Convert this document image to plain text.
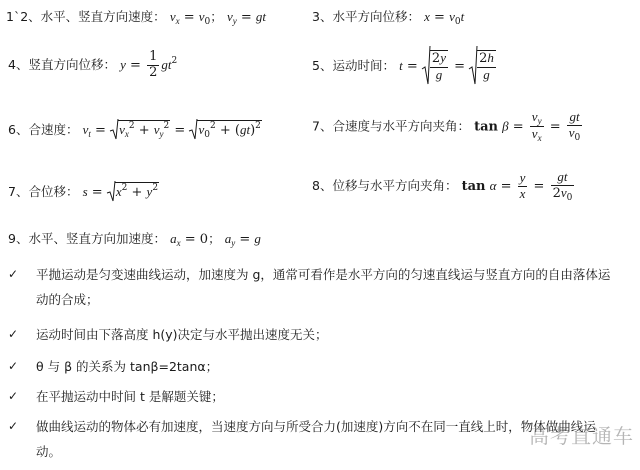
1`2、水平、竖直方向速度： $v_x = v_0$； $v_y$ = gt	3、水平方向位移： $x = v_0t$
4、竖直方向位移： $y = \frac{1}{2} gt^2$	5、运动时间： $t = \frac{2y}{g} = \frac{2h}{g}$
6、合速度： $v_t = v_x^2 + v_y^2 = v_0^2 + (gt)^2$	7、合速度与水平方向夹角： $\tan \beta = \frac{v_y}{v_x} = \frac{gt}{v_0}$
7、合位移： $s = x^2 + y^2$	8、位移与水平方向夹角： $\tan \alpha = \frac{y}{x} = \frac{gt}{2v_0}$
9、水平、竖直方向加速度： $a_x = 0$； $a_y = g$
✓	平抛运动是匀变速曲线运动，加速度为 g，通常可看作是水平方向的匀速直线运与竖直方向的自由落体运动的合成；
✓	运动时间由下落高度 h(y)决定与水平抛出速度无关；
✓	θ 与 β 的关系为 tanβ=2tanα；
✓	在平抛运动中时间 t 是解题关键；
✓	做曲线运动的物体必有加速度，当速度方向与所受合力(加速度)方向不在同一直线上时，物体做曲线运动。
高考直通车
